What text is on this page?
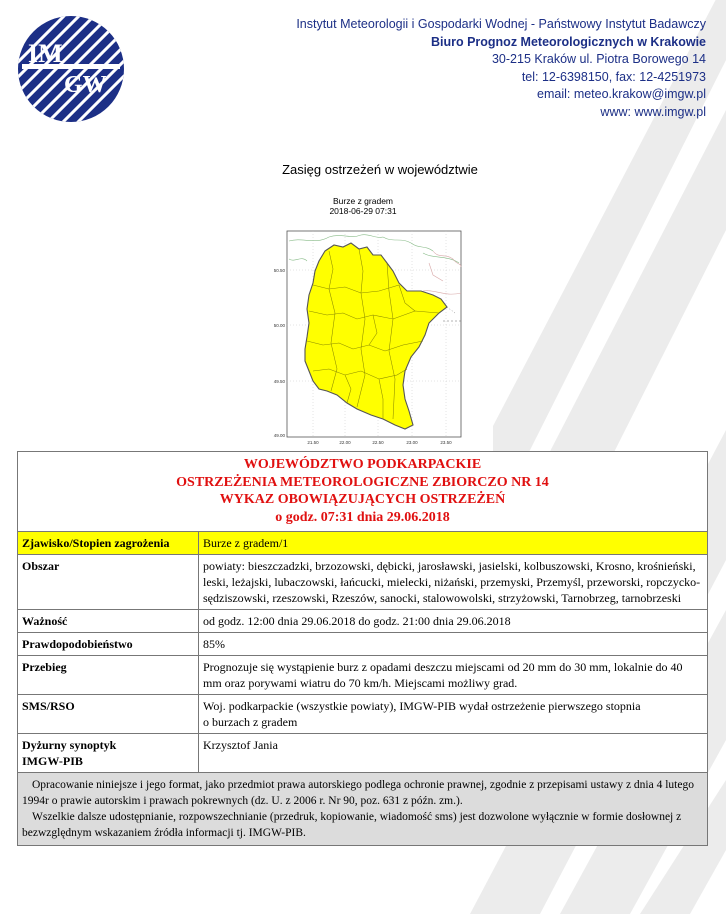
IM
GW
Instytut Meteorologii i Gospodarki Wodnej - Państwowy Instytut Badawczy
Biuro Prognoz Meteorologicznych w Krakowie
30-215 Kraków ul. Piotra Borowego 14
tel: 12-6398150, fax: 12-4251973
email: meteo.krakow@imgw.pl
www: www.imgw.pl
Zasięg ostrzeżeń w województwie
Burze z gradem
2018-06-29 07:31
50.50
50.00
49.50
49.00
21.50	22.00	22.50	23.00	23.50
WOJEWÓDZTWO PODKARPACKIE
OSTRZEŻENIA METEOROLOGICZNE ZBIORCZO NR 14
WYKAZ OBOWIĄZUJĄCYCH OSTRZEŻEŃ
o godz. 07:31 dnia 29.06.2018	

Zjawisko/Stopien zagrożenia	Burze z gradem/1
Obszar	powiaty: bieszczadzki, brzozowski, dębicki, jarosławski, jasielski, kolbuszowski, Krosno, krośnieński, leski, leżajski, lubaczowski, łańcucki, mielecki, niżański, przemyski, Przemyśl, przeworski, ropczycko-sędziszowski, rzeszowski, Rzeszów, sanocki, stalowowolski, strzyżowski, Tarnobrzeg, tarnobrzeski
Ważność	od godz. 12:00 dnia 29.06.2018 do godz. 21:00 dnia 29.06.2018
Prawdopodobieństwo	85%
Przebieg	Prognozuje się wystąpienie burz z opadami deszczu miejscami od 20 mm do 30 mm, lokalnie do 40 mm oraz porywami wiatru do 70 km/h. Miejscami możliwy grad.
SMS/RSO	Woj. podkarpackie (wszystkie powiaty), IMGW-PIB wydał ostrzeżenie pierwszego stopnia
o burzach z gradem

Dyżurny synoptyk
IMGW-PIB	Krzysztof Jania

Opracowanie niniejsze i jego format, jako przedmiot prawa autorskiego podlega ochronie prawnej, zgodnie z przepisami ustawy z dnia 4 lutego 1994r o prawie autorskim i prawach pokrewnych (dz. U. z 2006 r. Nr 90, poz. 631 z późn. zm.).
Wszelkie dalsze udostępnianie, rozpowszechnianie (przedruk, kopiowanie, wiadomość sms) jest dozwolone wyłącznie w formie dosłownej z bezwzględnym wskazaniem źródła informacji tj. IMGW-PIB.	
